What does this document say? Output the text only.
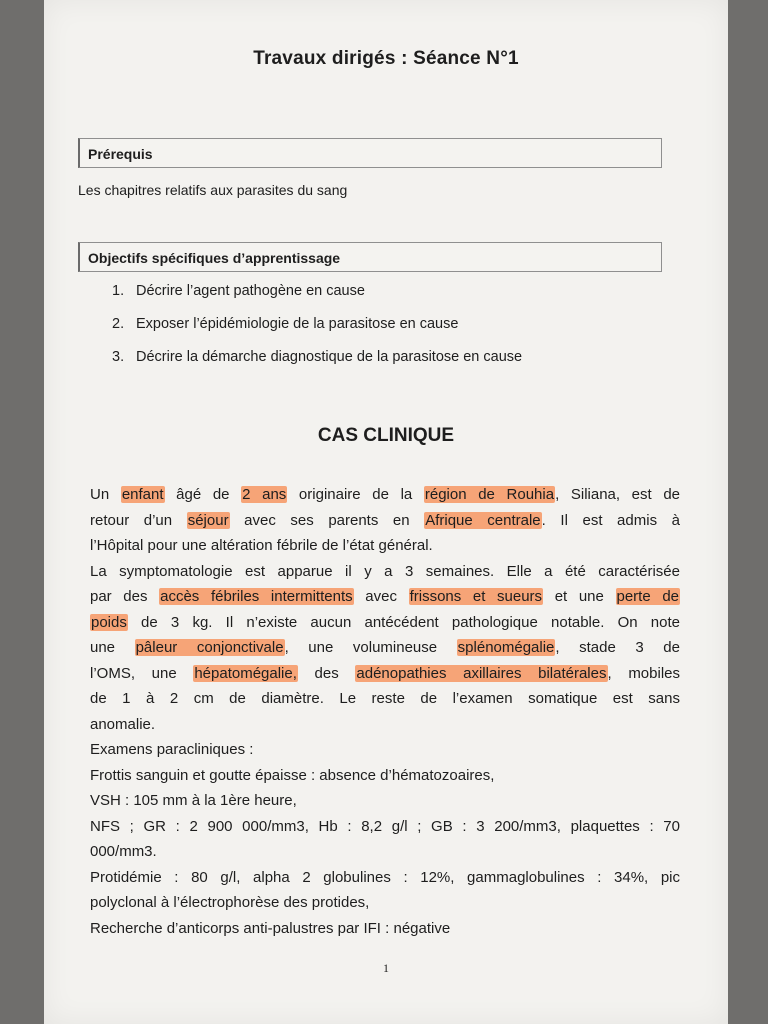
Travaux dirigés : Séance N°1
Prérequis
Les chapitres relatifs aux parasites du sang
Objectifs spécifiques d’apprentissage
1. Décrire l’agent pathogène en cause
2. Exposer l’épidémiologie de la parasitose en cause
3. Décrire la démarche diagnostique de la parasitose en cause
CAS CLINIQUE
Un enfant âgé de 2 ans originaire de la région de Rouhia, Siliana, est de
retour d’un séjour avec ses parents en Afrique centrale. Il est admis à
l’Hôpital pour une altération fébrile de l’état général.
La symptomatologie est apparue il y a 3 semaines. Elle a été caractérisée
par des accès fébriles intermittents avec frissons et sueurs et une perte de
poids de 3 kg. Il n’existe aucun antécédent pathologique notable. On note
une pâleur conjonctivale, une volumineuse splénomégalie, stade 3 de
l’OMS, une hépatomégalie, des adénopathies axillaires bilatérales, mobiles
de 1 à 2 cm de diamètre. Le reste de l’examen somatique est sans
anomalie.
Examens paracliniques :
Frottis sanguin et goutte épaisse : absence d’hématozoaires,
VSH : 105 mm à la 1ère heure,
NFS ; GR : 2 900 000/mm3, Hb : 8,2 g/l ; GB : 3 200/mm3, plaquettes : 70
000/mm3.
Protidémie : 80 g/l, alpha 2 globulines : 12%, gammaglobulines : 34%, pic
polyclonal à l’électrophorèse des protides,
Recherche d’anticorps anti-palustres par IFI : négative
1
